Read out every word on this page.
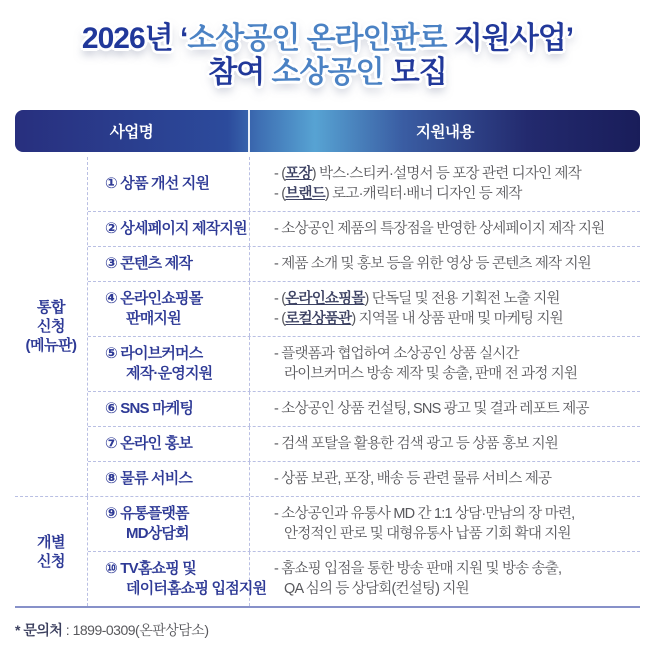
2026년 ‘소상공인 온라인판로 지원사업’
참여 소상공인 모집
사업명	지원내용
통합
신청
(메뉴판)
① 상품 개선 지원
- (포장) 박스·스티커·설명서 등 포장 관련 디자인 제작
- (브랜드) 로고·캐릭터·배너 디자인 등 제작
② 상세페이지 제작지원 - 소상공인 제품의 특장점을 반영한 상세페이지 제작 지원
③ 콘텐츠 제작	- 제품 소개 및 홍보 등을 위한 영상 등 콘텐츠 제작 지원
④ 온라인쇼핑몰
판매지원
- (온라인쇼핑몰) 단독딜 및 전용 기획전 노출 지원
- (로컬상품관) 지역몰 내 상품 판매 및 마케팅 지원
⑤ 라이브커머스
제작·운영지원
- 플랫폼과 협업하여 소상공인 상품 실시간
라이브커머스 방송 제작 및 송출, 판매 전 과정 지원
⑥ SNS 마케팅	- 소상공인 상품 컨설팅, SNS 광고 및 결과 레포트 제공
⑦ 온라인 홍보	- 검색 포탈을 활용한 검색 광고 등 상품 홍보 지원
⑧ 물류 서비스	- 상품 보관, 포장, 배송 등 관련 물류 서비스 제공
개별
신청
⑨ 유통플랫폼
MD상담회
- 소상공인과 유통사 MD 간 1:1 상담·만남의 장 마련,
안정적인 판로 및 대형유통사 납품 기회 확대 지원
⑩ TV홈쇼핑 및
데이터홈쇼핑 입점지원
- 홈쇼핑 입점을 통한 방송 판매 지원 및 방송 송출,
QA 심의 등 상담회(컨설팅) 지원
* 문의처 : 1899-0309(온판상담소)
